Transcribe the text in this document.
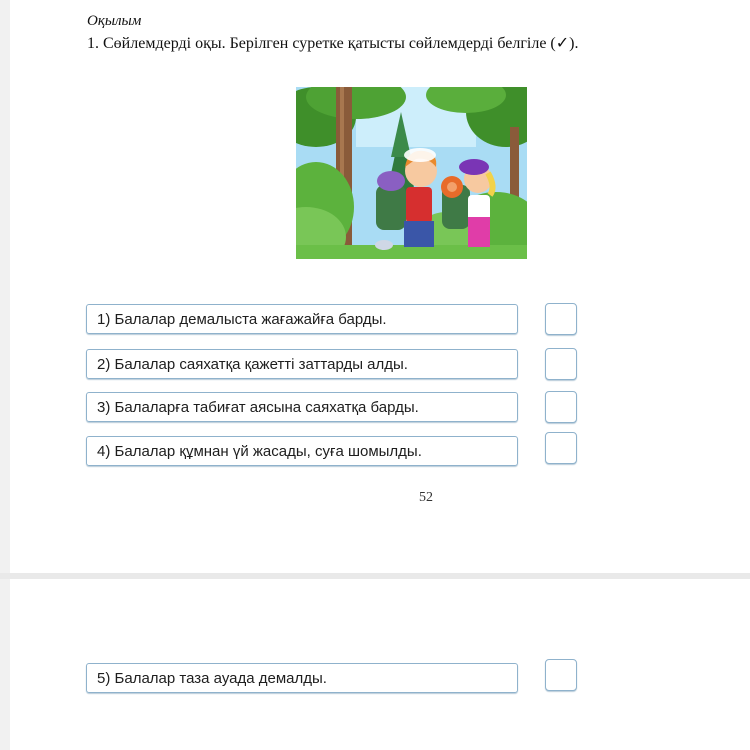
Оқылым
1. Сөйлемдерді оқы. Берілген суретке қатысты сөйлемдерді белгіле (✓).
1) Балалар демалыста жағажайға барды.
2) Балалар саяхатқа қажетті заттарды алды.
3) Балаларға табиғат аясына саяхатқа барды.
4) Балалар құмнан үй жасады, суға шомылды.
52
5) Балалар таза ауада демалды.
